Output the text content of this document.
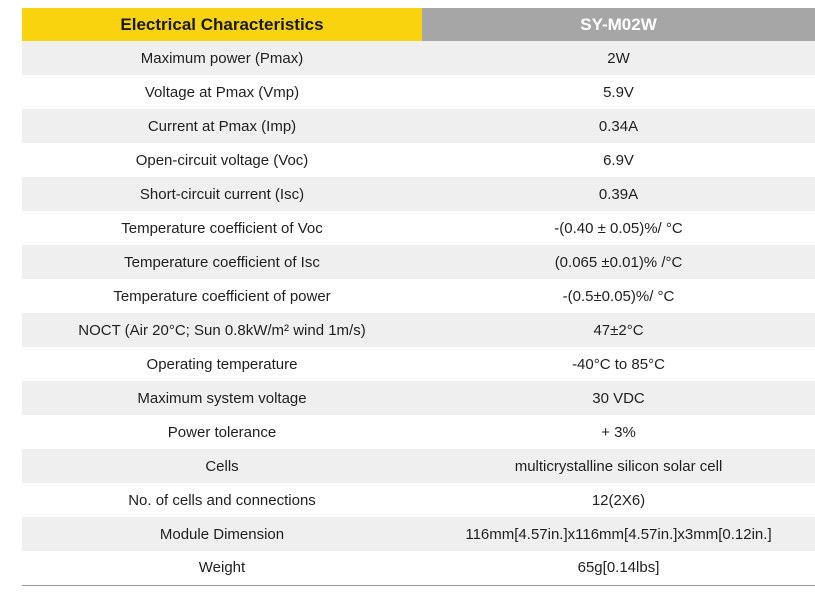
Electrical Characteristics	SY-M02W
Maximum power (Pmax)	2W
Voltage at Pmax (Vmp)	5.9V
Current at Pmax (Imp)	0.34A
Open-circuit voltage (Voc)	6.9V
Short-circuit current (Isc)	0.39A
Temperature coefficient of Voc	-(0.40 ± 0.05)%/ °C
Temperature coefficient of Isc	(0.065 ±0.01)% /°C
Temperature coefficient of power	-(0.5±0.05)%/ °C
NOCT (Air 20°C; Sun 0.8kW/m² wind 1m/s)	47±2°C
Operating temperature	-40°C to 85°C
Maximum system voltage	30 VDC
Power tolerance	+ 3%
Cells	multicrystalline silicon solar cell
No. of cells and connections	12(2X6)
Module Dimension	116mm[4.57in.]x116mm[4.57in.]x3mm[0.12in.]
Weight	65g[0.14lbs]
